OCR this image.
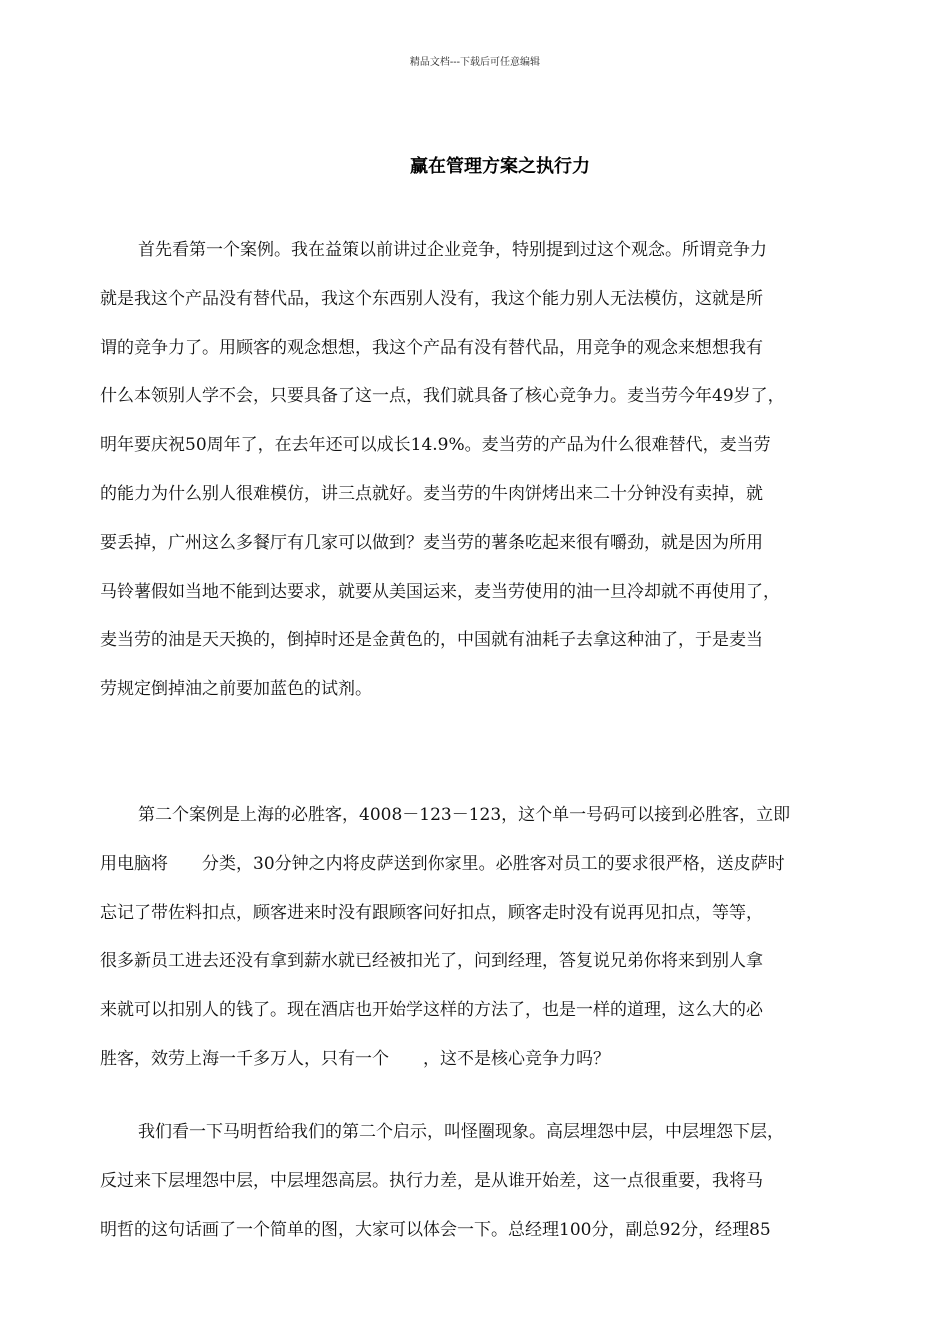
精品文档---下载后可任意编辑
赢在管理方案之执行力
首先看第一个案例。我在益策以前讲过企业竞争，特别提到过这个观念。所谓竞争力
就是我这个产品没有替代品，我这个东西别人没有，我这个能力别人无法模仿，这就是所
谓的竞争力了。用顾客的观念想想，我这个产品有没有替代品，用竞争的观念来想想我有
什么本领别人学不会，只要具备了这一点，我们就具备了核心竞争力。麦当劳今年49岁了，
明年要庆祝50周年了，在去年还可以成长14.9%。麦当劳的产品为什么很难替代，麦当劳
的能力为什么别人很难模仿，讲三点就好。麦当劳的牛肉饼烤出来二十分钟没有卖掉，就
要丢掉，广州这么多餐厅有几家可以做到？麦当劳的薯条吃起来很有嚼劲，就是因为所用
马铃薯假如当地不能到达要求，就要从美国运来，麦当劳使用的油一旦冷却就不再使用了，
麦当劳的油是天天换的，倒掉时还是金黄色的，中国就有油耗子去拿这种油了，于是麦当
劳规定倒掉油之前要加蓝色的试剂。
第二个案例是上海的必胜客，4008－123－123，这个单一号码可以接到必胜客，立即
用电脑将　　分类，30分钟之内将皮萨送到你家里。必胜客对员工的要求很严格，送皮萨时
忘记了带佐料扣点，顾客进来时没有跟顾客问好扣点，顾客走时没有说再见扣点，等等，
很多新员工进去还没有拿到薪水就已经被扣光了，问到经理，答复说兄弟你将来到别人拿
来就可以扣别人的钱了。现在酒店也开始学这样的方法了，也是一样的道理，这么大的必
胜客，效劳上海一千多万人，只有一个　　，这不是核心竞争力吗？
我们看一下马明哲给我们的第二个启示，叫怪圈现象。高层埋怨中层，中层埋怨下层，
反过来下层埋怨中层，中层埋怨高层。执行力差，是从谁开始差，这一点很重要，我将马
明哲的这句话画了一个简单的图，大家可以体会一下。总经理100分，副总92分，经理85
